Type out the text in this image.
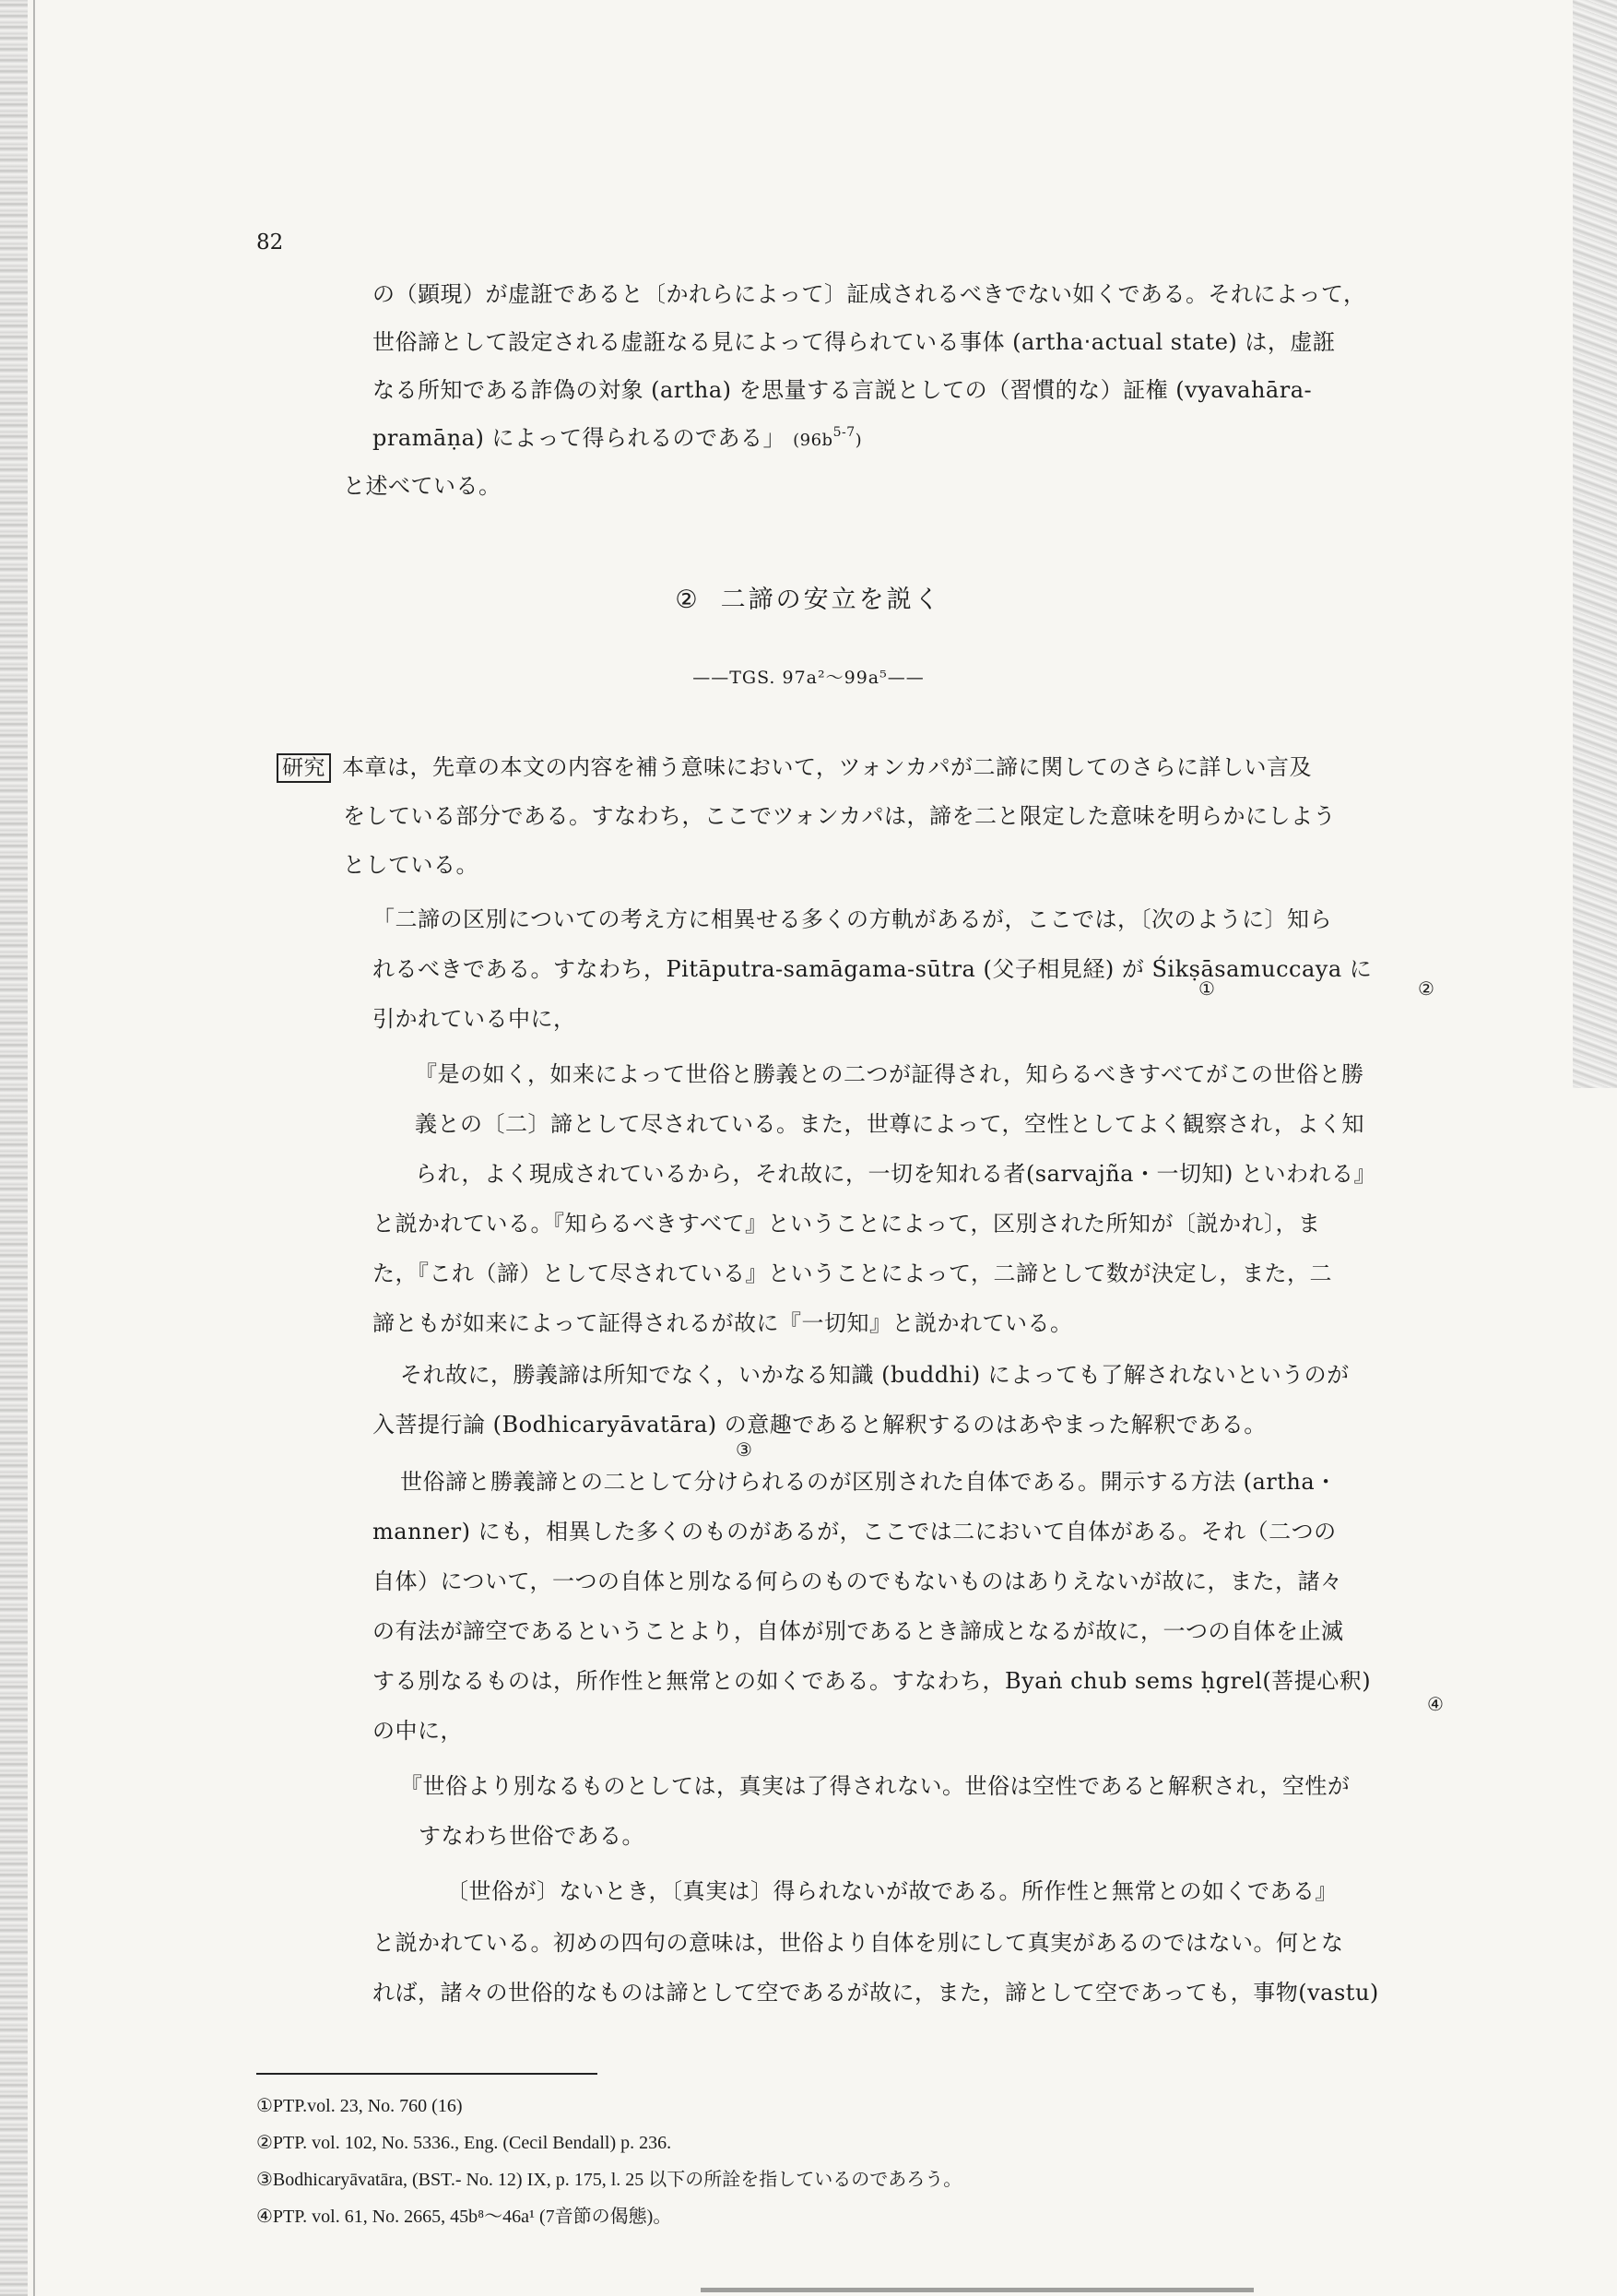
82
の（顕現）が虚誑であると〔かれらによって〕証成されるべきでない如くである。それによって，
世俗諦として設定される虚誑なる見によって得られている事体 (artha‧actual state) は，虚誑
なる所知である詐偽の対象 (artha) を思量する言説としての（習慣的な）証権 (vyavahāra-
pramāṇa) によって得られるのである」 $(96b^{5-7})$
と述べている。
② 二諦の安立を説く
——TGS. 97a²〜99a⁵——
研究 本章は，先章の本文の内容を補う意味において，ツォンカパが二諦に関してのさらに詳しい言及
をしている部分である。すなわち，ここでツォンカパは，諦を二と限定した意味を明らかにしよう
としている。
「二諦の区別についての考え方に相異せる多くの方軌があるが，ここでは，〔次のように〕知ら
れるべきである。すなわち，Pitāputra-samāgama-sūtra (父子相見経) が Śikṣāsamuccaya に
引かれている中に，
①	②
『是の如く，如来によって世俗と勝義との二つが証得され，知らるべきすべてがこの世俗と勝
義との〔二〕諦として尽されている。また，世尊によって，空性としてよく観察され，よく知
られ，よく現成されているから，それ故に，一切を知れる者(sarvajña・一切知) といわれる』
と説かれている。『知らるべきすべて』ということによって，区別された所知が〔説かれ〕，ま
た，『これ（諦）として尽されている』ということによって，二諦として数が決定し，また，二
諦ともが如来によって証得されるが故に『一切知』と説かれている。
それ故に，勝義諦は所知でなく，いかなる知識 (buddhi) によっても了解されないというのが
入菩提行論 (Bodhicaryāvatāra) の意趣であると解釈するのはあやまった解釈である。
③
世俗諦と勝義諦との二として分けられるのが区別された自体である。開示する方法 (artha・
manner) にも，相異した多くのものがあるが，ここでは二において自体がある。それ（二つの
自体）について，一つの自体と別なる何らのものでもないものはありえないが故に，また，諸々
の有法が諦空であるということより，自体が別であるとき諦成となるが故に，一つの自体を止滅
する別なるものは，所作性と無常との如くである。すなわち，Byaṅ chub sems ḥgrel(菩提心釈)
④
の中に，
『世俗より別なるものとしては，真実は了得されない。世俗は空性であると解釈され，空性が
すなわち世俗である。
〔世俗が〕ないとき，〔真実は〕得られないが故である。所作性と無常との如くである』
と説かれている。初めの四句の意味は，世俗より自体を別にして真実があるのではない。何とな
れば，諸々の世俗的なものは諦として空であるが故に，また，諦として空であっても，事物(vastu)
①PTP.vol. 23, No. 760 (16)
②PTP. vol. 102, No. 5336., Eng. (Cecil Bendall) p. 236.
③Bodhicaryāvatāra, (BST.- No. 12) IX, p. 175, l. 25 以下の所詮を指しているのであろう。
④PTP. vol. 61, No. 2665, 45b⁸〜46a¹ (7音節の偈態)。
